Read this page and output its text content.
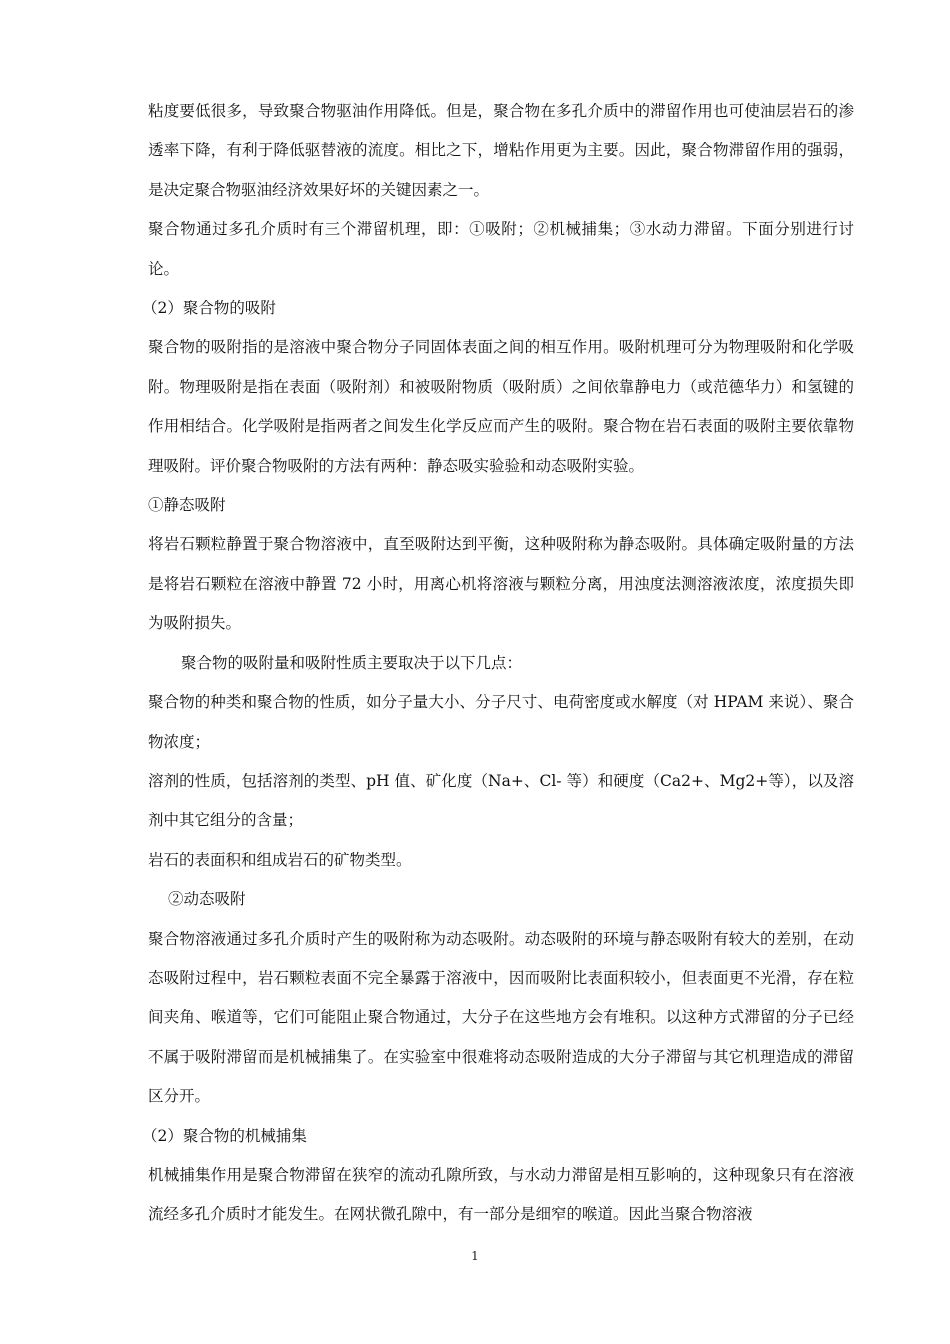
粘度要低很多，导致聚合物驱油作用降低。但是，聚合物在多孔介质中的滞留作用也可使油层岩石的渗透率下降，有利于降低驱替液的流度。相比之下，增粘作用更为主要。因此，聚合物滞留作用的强弱，是决定聚合物驱油经济效果好坏的关键因素之一。

聚合物通过多孔介质时有三个滞留机理，即：①吸附；②机械捕集；③水动力滞留。下面分别进行讨论。

（2）聚合物的吸附

聚合物的吸附指的是溶液中聚合物分子同固体表面之间的相互作用。吸附机理可分为物理吸附和化学吸附。物理吸附是指在表面（吸附剂）和被吸附物质（吸附质）之间依靠静电力（或范德华力）和氢键的作用相结合。化学吸附是指两者之间发生化学反应而产生的吸附。聚合物在岩石表面的吸附主要依靠物理吸附。评价聚合物吸附的方法有两种：静态吸实验验和动态吸附实验。

①静态吸附

将岩石颗粒静置于聚合物溶液中，直至吸附达到平衡，这种吸附称为静态吸附。具体确定吸附量的方法是将岩石颗粒在溶液中静置 72 小时，用离心机将溶液与颗粒分离，用浊度法测溶液浓度，浓度损失即为吸附损失。

聚合物的吸附量和吸附性质主要取决于以下几点：

聚合物的种类和聚合物的性质，如分子量大小、分子尺寸、电荷密度或水解度（对 HPAM 来说）、聚合物浓度；

溶剂的性质，包括溶剂的类型、pH 值、矿化度（Na+、Cl- 等）和硬度（Ca2+、Mg2+等），以及溶剂中其它组分的含量；

岩石的表面积和组成岩石的矿物类型。

②动态吸附

聚合物溶液通过多孔介质时产生的吸附称为动态吸附。动态吸附的环境与静态吸附有较大的差别，在动态吸附过程中，岩石颗粒表面不完全暴露于溶液中，因而吸附比表面积较小，但表面更不光滑，存在粒间夹角、喉道等，它们可能阻止聚合物通过，大分子在这些地方会有堆积。以这种方式滞留的分子已经不属于吸附滞留而是机械捕集了。在实验室中很难将动态吸附造成的大分子滞留与其它机理造成的滞留区分开。

（2）聚合物的机械捕集

机械捕集作用是聚合物滞留在狭窄的流动孔隙所致，与水动力滞留是相互影响的，这种现象只有在溶液流经多孔介质时才能发生。在网状微孔隙中，有一部分是细窄的喉道。因此当聚合物溶液

1
